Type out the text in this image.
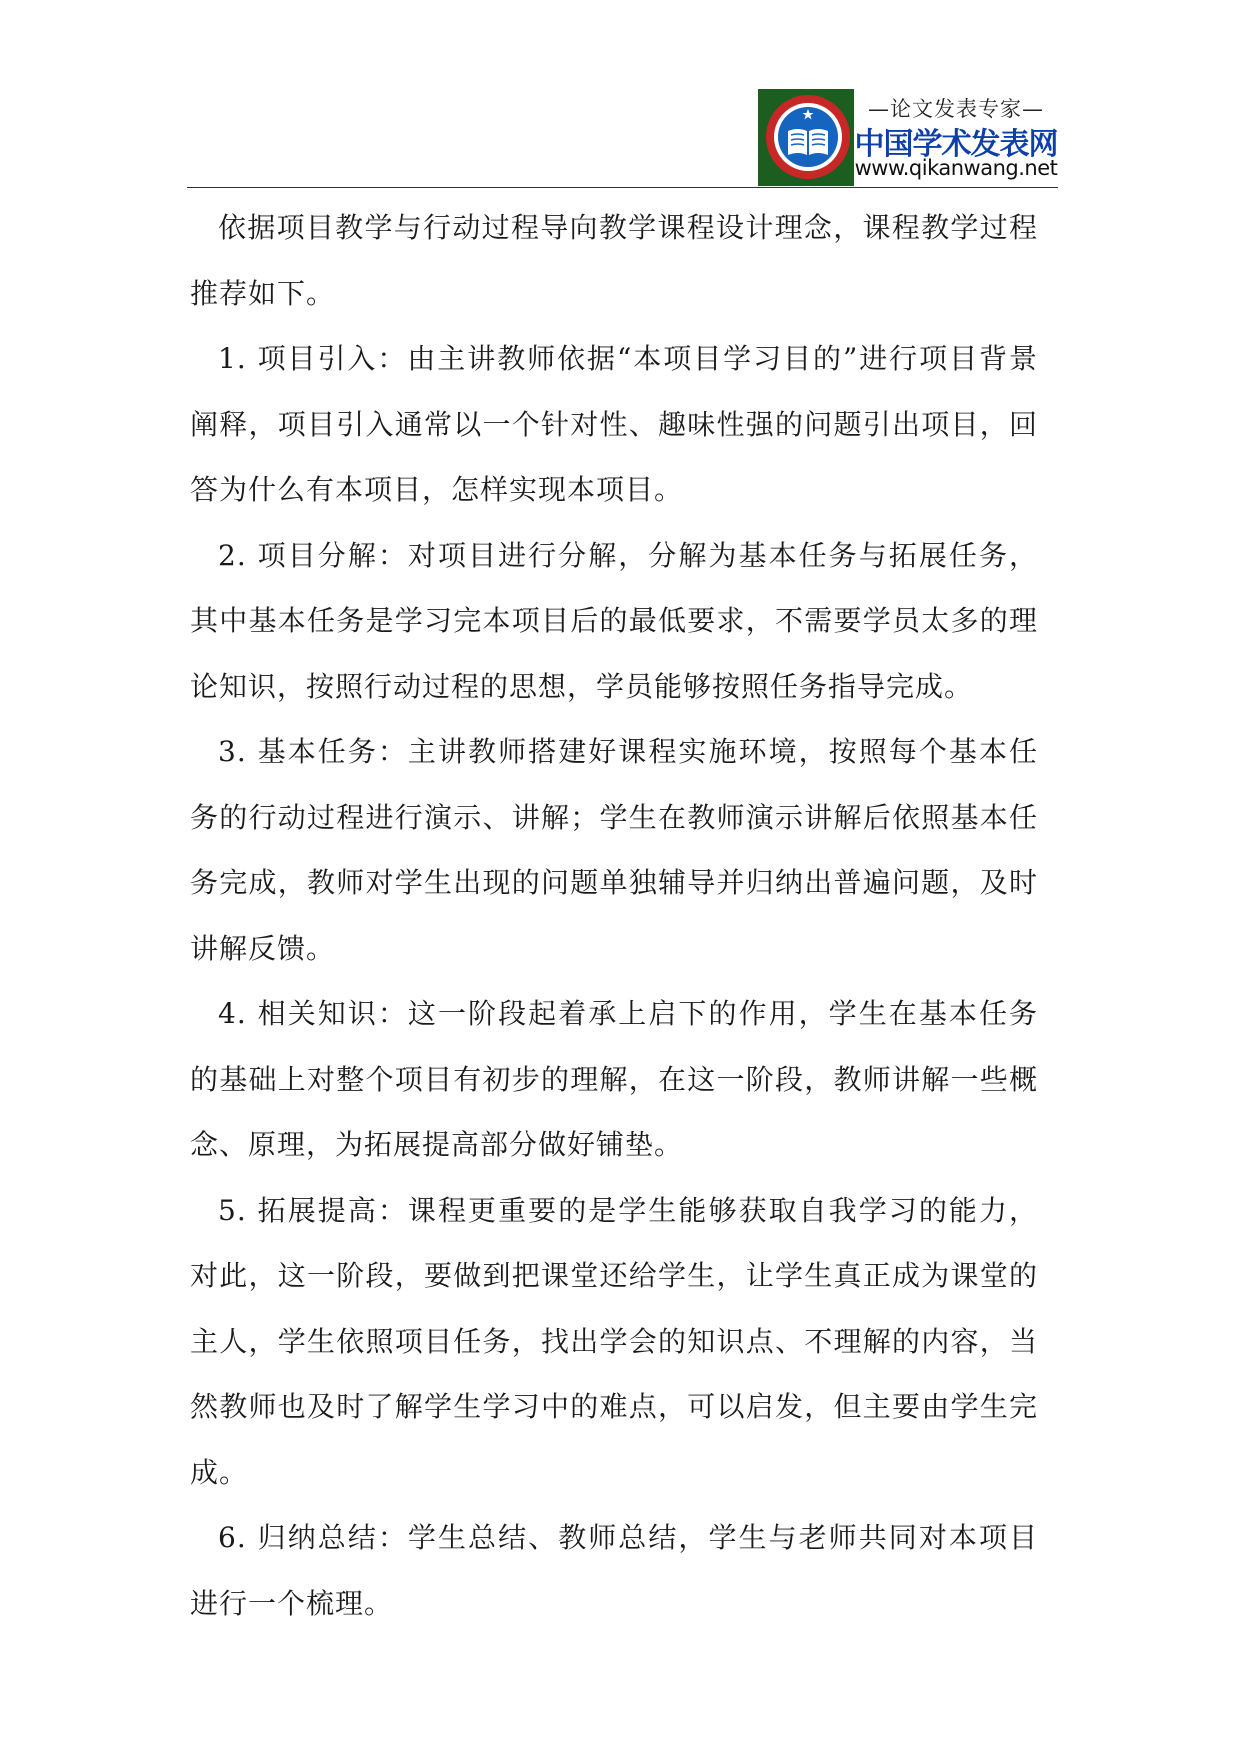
—论文发表专家—
中国学术发表网
www.qikanwang.net

依据项目教学与行动过程导向教学课程设计理念，课程教学过程推荐如下。

1. 项目引入：由主讲教师依据“本项目学习目的”进行项目背景阐释，项目引入通常以一个针对性、趣味性强的问题引出项目，回答为什么有本项目，怎样实现本项目。

2. 项目分解：对项目进行分解，分解为基本任务与拓展任务，其中基本任务是学习完本项目后的最低要求，不需要学员太多的理论知识，按照行动过程的思想，学员能够按照任务指导完成。

3. 基本任务：主讲教师搭建好课程实施环境，按照每个基本任务的行动过程进行演示、讲解；学生在教师演示讲解后依照基本任务完成，教师对学生出现的问题单独辅导并归纳出普遍问题，及时讲解反馈。

4. 相关知识：这一阶段起着承上启下的作用，学生在基本任务的基础上对整个项目有初步的理解，在这一阶段，教师讲解一些概念、原理，为拓展提高部分做好铺垫。

5. 拓展提高：课程更重要的是学生能够获取自我学习的能力，对此，这一阶段，要做到把课堂还给学生，让学生真正成为课堂的主人，学生依照项目任务，找出学会的知识点、不理解的内容，当然教师也及时了解学生学习中的难点，可以启发，但主要由学生完成。

6. 归纳总结：学生总结、教师总结，学生与老师共同对本项目进行一个梳理。
